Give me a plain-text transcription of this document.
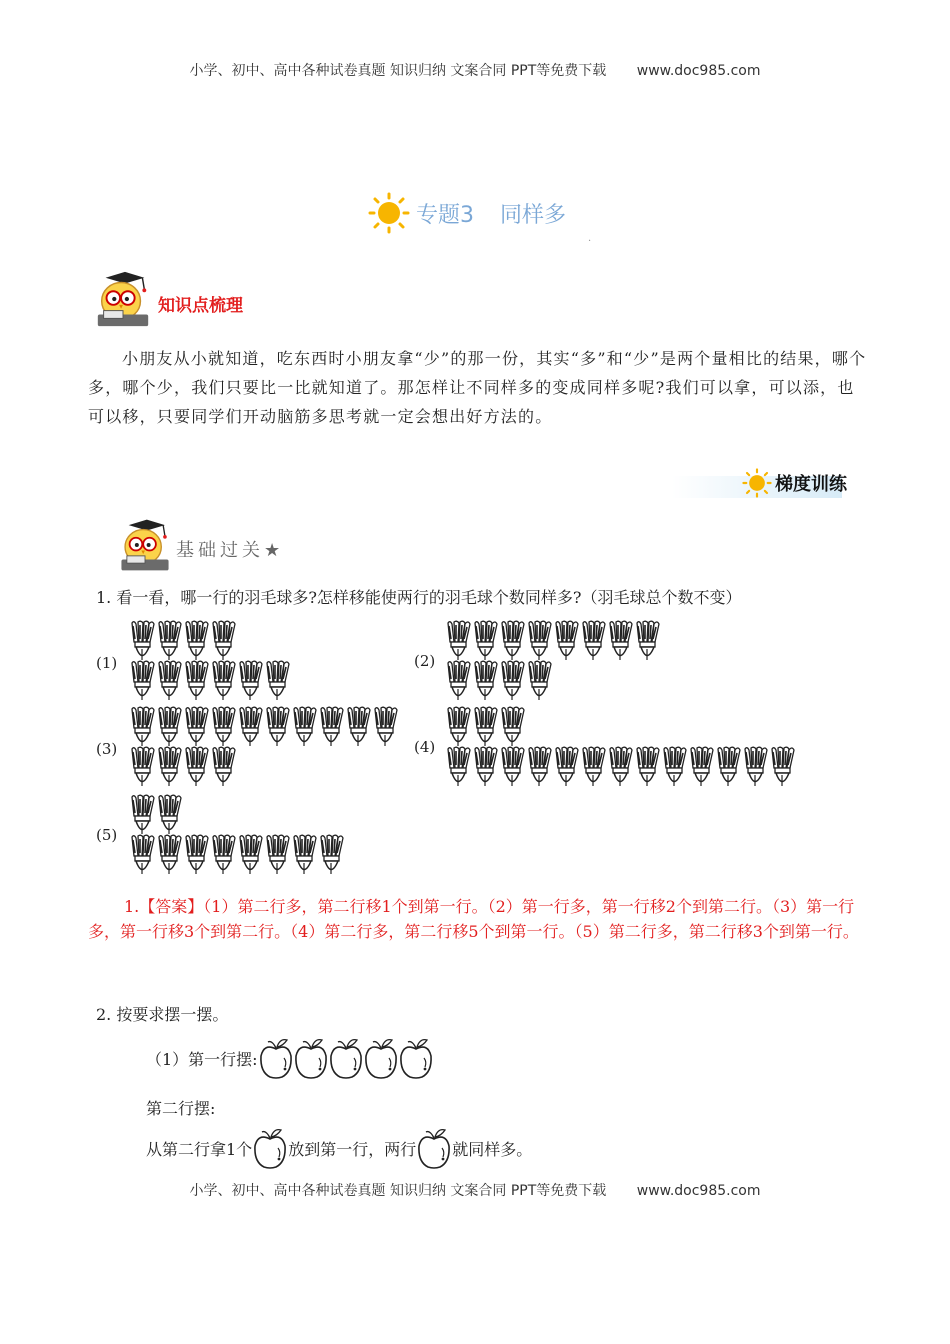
小学、初中、高中各种试卷真题 知识归纳 文案合同 PPT等免费下载 www.doc985.com
专题3 同样多
·
知识点梳理

小朋友从小就知道，吃东西时小朋友拿“少”的那一份，其实“多”和“少”是两个量相比的结果，哪个多，哪个少，我们只要比一比就知道了。那怎样让不同样多的变成同样多呢?我们可以拿，可以添，也可以移，只要同学们开动脑筋多思考就一定会想出好方法的。

梯度训练
基础过关★
1. 看一看，哪一行的羽毛球多?怎样移能使两行的羽毛球个数同样多?（羽毛球总个数不变）
(1)	(2)
(3)	(4)
(5)

1.【答案】（1）第二行多，第二行移1个到第一行。（2）第一行多，第一行移2个到第二行。（3）第一行多，第一行移3个到第二行。（4）第二行多，第二行移5个到第一行。（5）第二行多，第二行移3个到第一行。

2. 按要求摆一摆。
（1）第一行摆:
第二行摆:
从第二行拿1个 放到第一行，两行 就同样多。
小学、初中、高中各种试卷真题 知识归纳 文案合同 PPT等免费下载 www.doc985.com
